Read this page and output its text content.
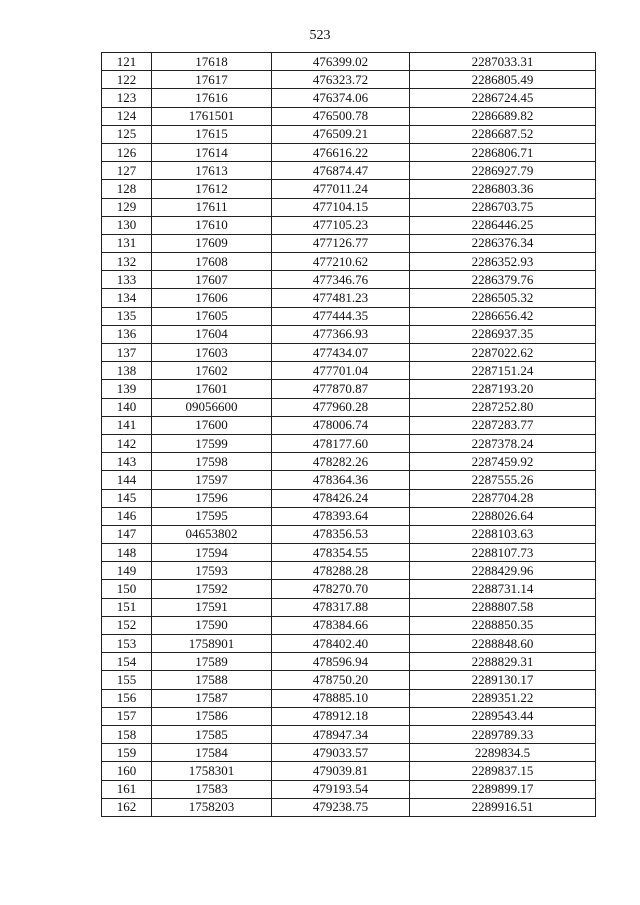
523
121	17618	476399.02	2287033.31
122	17617	476323.72	2286805.49
123	17616	476374.06	2286724.45
124	1761501	476500.78	2286689.82
125	17615	476509.21	2286687.52
126	17614	476616.22	2286806.71
127	17613	476874.47	2286927.79
128	17612	477011.24	2286803.36
129	17611	477104.15	2286703.75
130	17610	477105.23	2286446.25
131	17609	477126.77	2286376.34
132	17608	477210.62	2286352.93
133	17607	477346.76	2286379.76
134	17606	477481.23	2286505.32
135	17605	477444.35	2286656.42
136	17604	477366.93	2286937.35
137	17603	477434.07	2287022.62
138	17602	477701.04	2287151.24
139	17601	477870.87	2287193.20
140	09056600	477960.28	2287252.80
141	17600	478006.74	2287283.77
142	17599	478177.60	2287378.24
143	17598	478282.26	2287459.92
144	17597	478364.36	2287555.26
145	17596	478426.24	2287704.28
146	17595	478393.64	2288026.64
147	04653802	478356.53	2288103.63
148	17594	478354.55	2288107.73
149	17593	478288.28	2288429.96
150	17592	478270.70	2288731.14
151	17591	478317.88	2288807.58
152	17590	478384.66	2288850.35
153	1758901	478402.40	2288848.60
154	17589	478596.94	2288829.31
155	17588	478750.20	2289130.17
156	17587	478885.10	2289351.22
157	17586	478912.18	2289543.44
158	17585	478947.34	2289789.33
159	17584	479033.57	2289834.5
160	1758301	479039.81	2289837.15
161	17583	479193.54	2289899.17
162	1758203	479238.75	2289916.51
